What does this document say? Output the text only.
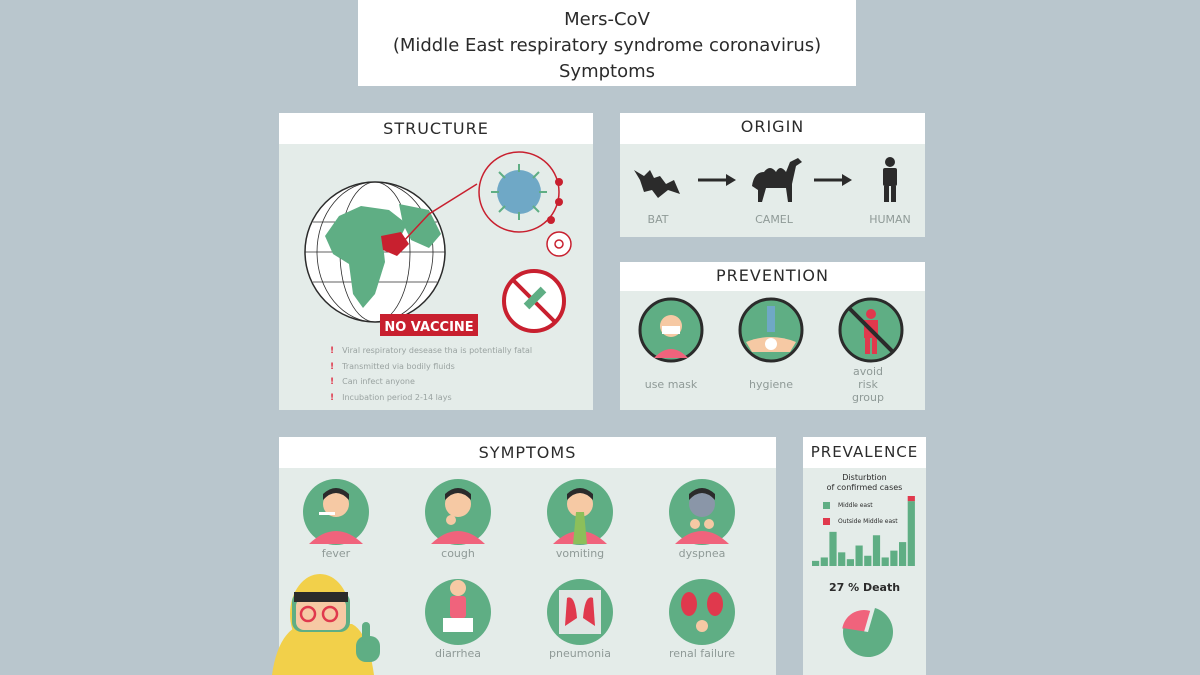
Mers-CoV
(Middle East respiratory syndrome coronavirus)
Symptoms
STRUCTURE
NO VACCINE
! Viral respiratory desease tha is potentially fatal
! Transmitted via bodily fluids
! Can infect anyone
! Incubation period 2-14 lays
ORIGIN
BAT	CAMEL	HUMAN
PREVENTION
use mask	hygiene
avoid
risk
group
SYMPTOMS
fever	cough	vomiting	dyspnea
diarrhea	pneumonia	renal failure
PREVALENCE
Disturbtion
of confirmed cases
Middle east
Outside Middle east
27 % Death
